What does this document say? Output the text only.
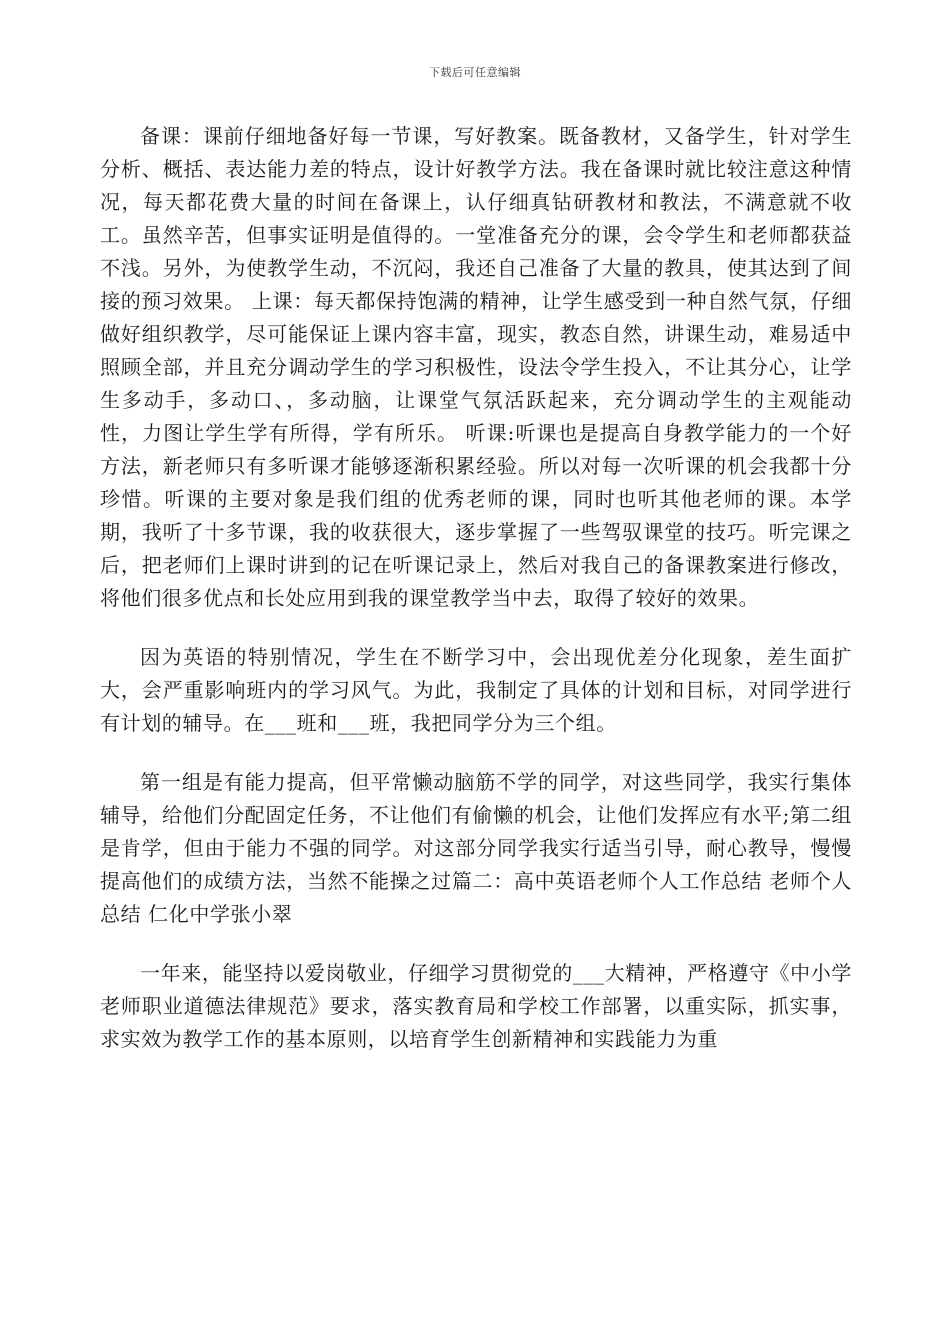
下载后可任意编辑

备课：课前仔细地备好每一节课，写好教案。既备教材，又备学生，针对学生分析、概括、表达能力差的特点，设计好教学方法。我在备课时就比较注意这种情况，每天都花费大量的时间在备课上，认仔细真钻研教材和教法，不满意就不收工。虽然辛苦，但事实证明是值得的。一堂准备充分的课，会令学生和老师都获益不浅。另外，为使教学生动，不沉闷，我还自己准备了大量的教具，使其达到了间接的预习效果。 上课：每天都保持饱满的精神，让学生感受到一种自然气氛，仔细做好组织教学，尽可能保证上课内容丰富，现实，教态自然，讲课生动，难易适中照顾全部，并且充分调动学生的学习积极性，设法令学生投入，不让其分心，让学生多动手，多动口、，多动脑，让课堂气氛活跃起来，充分调动学生的主观能动性，力图让学生学有所得，学有所乐。 听课:听课也是提高自身教学能力的一个好方法，新老师只有多听课才能够逐渐积累经验。所以对每一次听课的机会我都十分珍惜。听课的主要对象是我们组的优秀老师的课，同时也听其他老师的课。本学期，我听了十多节课，我的收获很大，逐步掌握了一些驾驭课堂的技巧。听完课之后，把老师们上课时讲到的记在听课记录上，然后对我自己的备课教案进行修改，将他们很多优点和长处应用到我的课堂教学当中去，取得了较好的效果。

因为英语的特别情况，学生在不断学习中，会出现优差分化现象，差生面扩大，会严重影响班内的学习风气。为此，我制定了具体的计划和目标，对同学进行有计划的辅导。在___班和___班，我把同学分为三个组。

第一组是有能力提高，但平常懒动脑筋不学的同学，对这些同学，我实行集体辅导，给他们分配固定任务，不让他们有偷懒的机会，让他们发挥应有水平;第二组是肯学，但由于能力不强的同学。对这部分同学我实行适当引导，耐心教导，慢慢提高他们的成绩方法，当然不能操之过篇二：高中英语老师个人工作总结 老师个人总结 仁化中学张小翠

一年来，能坚持以爱岗敬业，仔细学习贯彻党的___大精神，严格遵守《中小学老师职业道德法律规范》要求，落实教育局和学校工作部署，以重实际，抓实事，求实效为教学工作的基本原则，以培育学生创新精神和实践能力为重
